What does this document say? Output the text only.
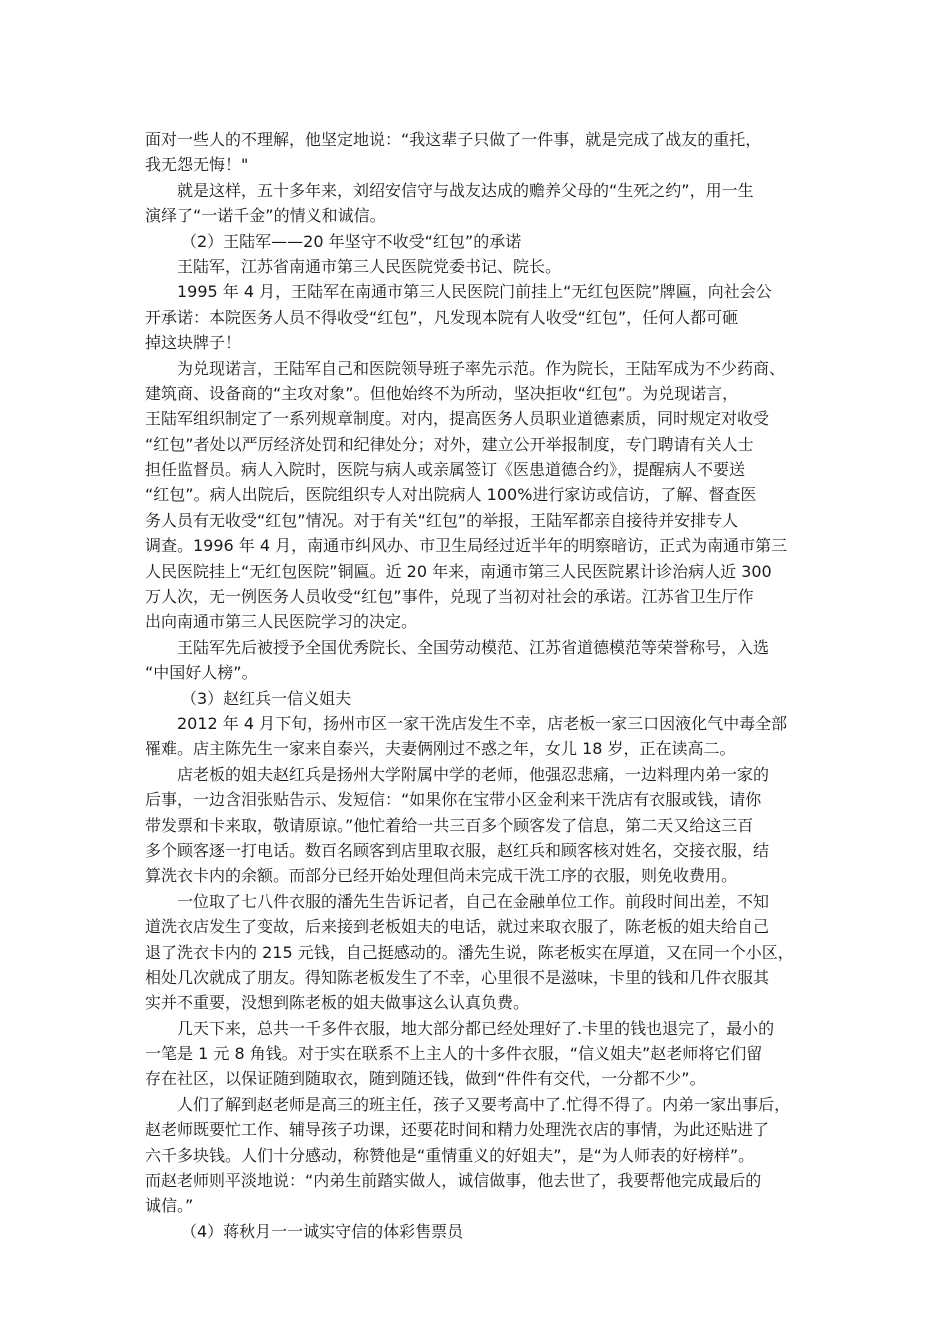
面对一些人的不理解，他坚定地说：“我这辈子只做了一件事，就是完成了战友的重托，
我无怨无悔！"
就是这样，五十多年来，刘绍安信守与战友达成的赡养父母的“生死之约”，用一生
演绎了“一诺千金”的情义和诚信。
（2）王陆军——20 年坚守不收受“红包”的承诺
王陆军，江苏省南通市第三人民医院党委书记、院长。
1995 年 4 月，王陆军在南通市第三人民医院门前挂上“无红包医院”牌匾，向社会公
开承诺：本院医务人员不得收受“红包”，凡发现本院有人收受“红包”，任何人都可砸
掉这块牌子！
为兑现诺言，王陆军自己和医院领导班子率先示范。作为院长，王陆军成为不少药商、
建筑商、设备商的“主攻对象”。但他始终不为所动，坚决拒收“红包”。为兑现诺言，
王陆军组织制定了一系列规章制度。对内，提高医务人员职业道德素质，同时规定对收受
“红包”者处以严厉经济处罚和纪律处分；对外，建立公开举报制度，专门聘请有关人士
担任监督员。病人入院时，医院与病人或亲属签订《医患道德合约》，提醒病人不要送
“红包”。病人出院后，医院组织专人对出院病人 100%进行家访或信访，了解、督查医
务人员有无收受“红包”情况。对于有关“红包”的举报，王陆军都亲自接待并安排专人
调查。1996 年 4 月，南通市纠风办、市卫生局经过近半年的明察暗访，正式为南通市第三
人民医院挂上“无红包医院”铜匾。近 20 年来，南通市第三人民医院累计诊治病人近 300
万人次，无一例医务人员收受“红包”事件，兑现了当初对社会的承诺。江苏省卫生厅作
出向南通市第三人民医院学习的决定。
王陆军先后被授予全国优秀院长、全国劳动模范、江苏省道德模范等荣誉称号，入选
“中国好人榜”。
（3）赵红兵一信义姐夫
2012 年 4 月下旬，扬州市区一家干洗店发生不幸，店老板一家三口因液化气中毒全部
罹难。店主陈先生一家来自泰兴，夫妻俩刚过不惑之年，女儿 18 岁，正在读高二。
店老板的姐夫赵红兵是扬州大学附属中学的老师，他强忍悲痛，一边料理内弟一家的
后事，一边含泪张贴告示、发短信：“如果你在宝带小区金利来干洗店有衣服或钱，请你
带发票和卡来取，敬请原谅。”他忙着给一共三百多个顾客发了信息，第二天又给这三百
多个顾客逐一打电话。数百名顾客到店里取衣服，赵红兵和顾客核对姓名，交接衣服，结
算洗衣卡内的余额。而部分已经开始处理但尚未完成干洗工序的衣服，则免收费用。
一位取了七八件衣服的潘先生告诉记者，自己在金融单位工作。前段时间出差，不知
道洗衣店发生了变故，后来接到老板姐夫的电话，就过来取衣服了，陈老板的姐夫给自己
退了洗衣卡内的 215 元钱，自己挺感动的。潘先生说，陈老板实在厚道，又在同一个小区，
相处几次就成了朋友。得知陈老板发生了不幸，心里很不是滋味，卡里的钱和几件衣服其
实并不重要，没想到陈老板的姐夫做事这么认真负费。
几天下来，总共一千多件衣服，地大部分都已经处理好了.卡里的钱也退完了，最小的
一笔是 1 元 8 角钱。对于实在联系不上主人的十多件衣服，“信义姐夫”赵老师将它们留
存在社区，以保证随到随取衣，随到随还钱，做到“件件有交代，一分都不少”。
人们了解到赵老师是高三的班主任，孩子又要考高中了.忙得不得了。内弟一家出事后，
赵老师既要忙工作、辅导孩子功课，还要花时间和精力处理洗衣店的事情，为此还贴进了
六千多块钱。人们十分感动，称赞他是“重情重义的好姐夫”，是“为人师表的好榜样”。
而赵老师则平淡地说：“内弟生前踏实做人，诚信做事，他去世了，我要帮他完成最后的
诚信。”
（4）蒋秋月一一诚实守信的体彩售票员
